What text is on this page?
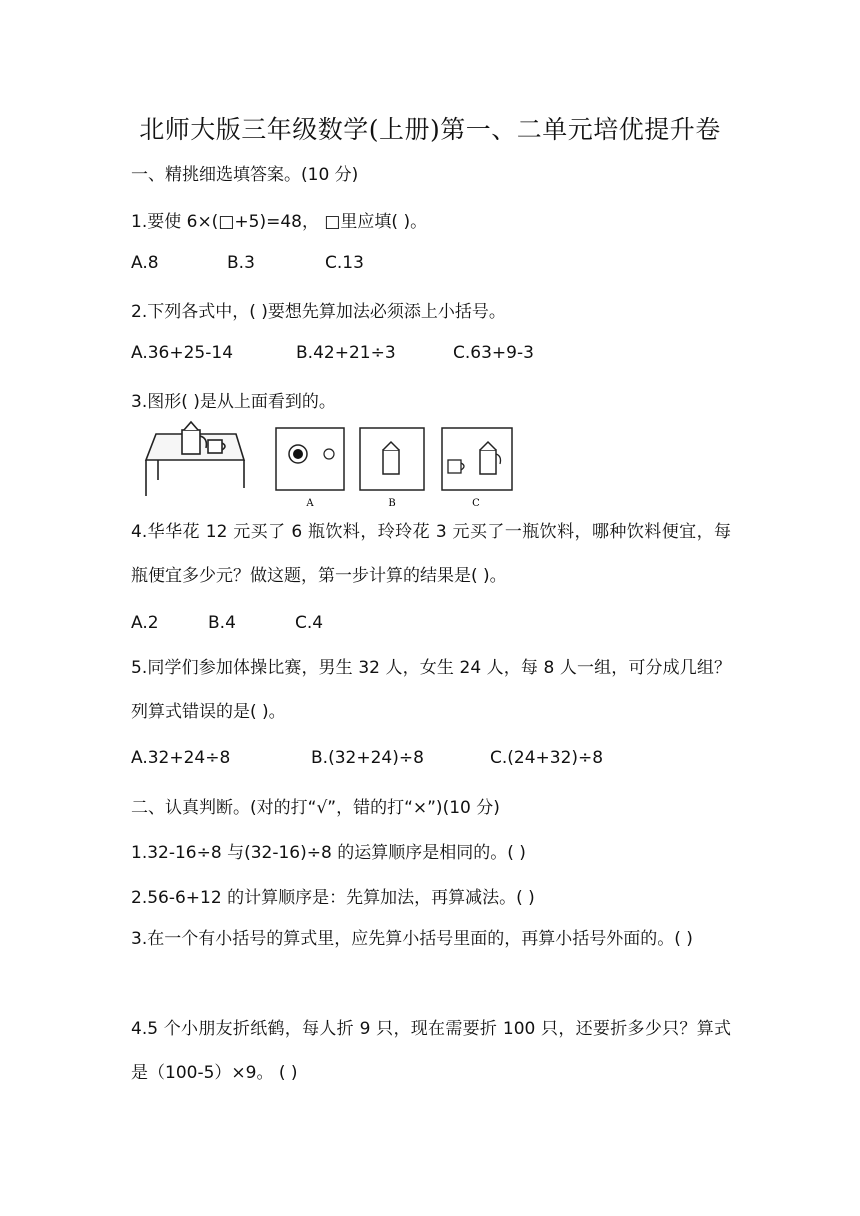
北师大版三年级数学(上册)第一、二单元培优提升卷
一、精挑细选填答案。(10 分)
1.要使 6×(□+5)=48， □里应填( )。
A.8	B.3	C.13
2.下列各式中，( )要想先算加法必须添上小括号。
A.36+25-14	B.42+21÷3	C.63+9-3
3.图形( )是从上面看到的。
A	B	C
4.华华花 12 元买了 6 瓶饮料，玲玲花 3 元买了一瓶饮料，哪种饮料便宜，每瓶便宜多少元？做这题，第一步计算的结果是( )。
A.2	B.4	C.4
5.同学们参加体操比赛，男生 32 人，女生 24 人，每 8 人一组，可分成几组？列算式错误的是( )。
A.32+24÷8	B.(32+24)÷8	C.(24+32)÷8
二、认真判断。(对的打“√”，错的打“×”)(10 分)
1.32-16÷8 与(32-16)÷8 的运算顺序是相同的。( )
2.56-6+12 的计算顺序是：先算加法，再算减法。( )
3.在一个有小括号的算式里，应先算小括号里面的，再算小括号外面的。( )
4.5 个小朋友折纸鹤，每人折 9 只，现在需要折 100 只，还要折多少只？算式是（100-5）×9。 ( )
